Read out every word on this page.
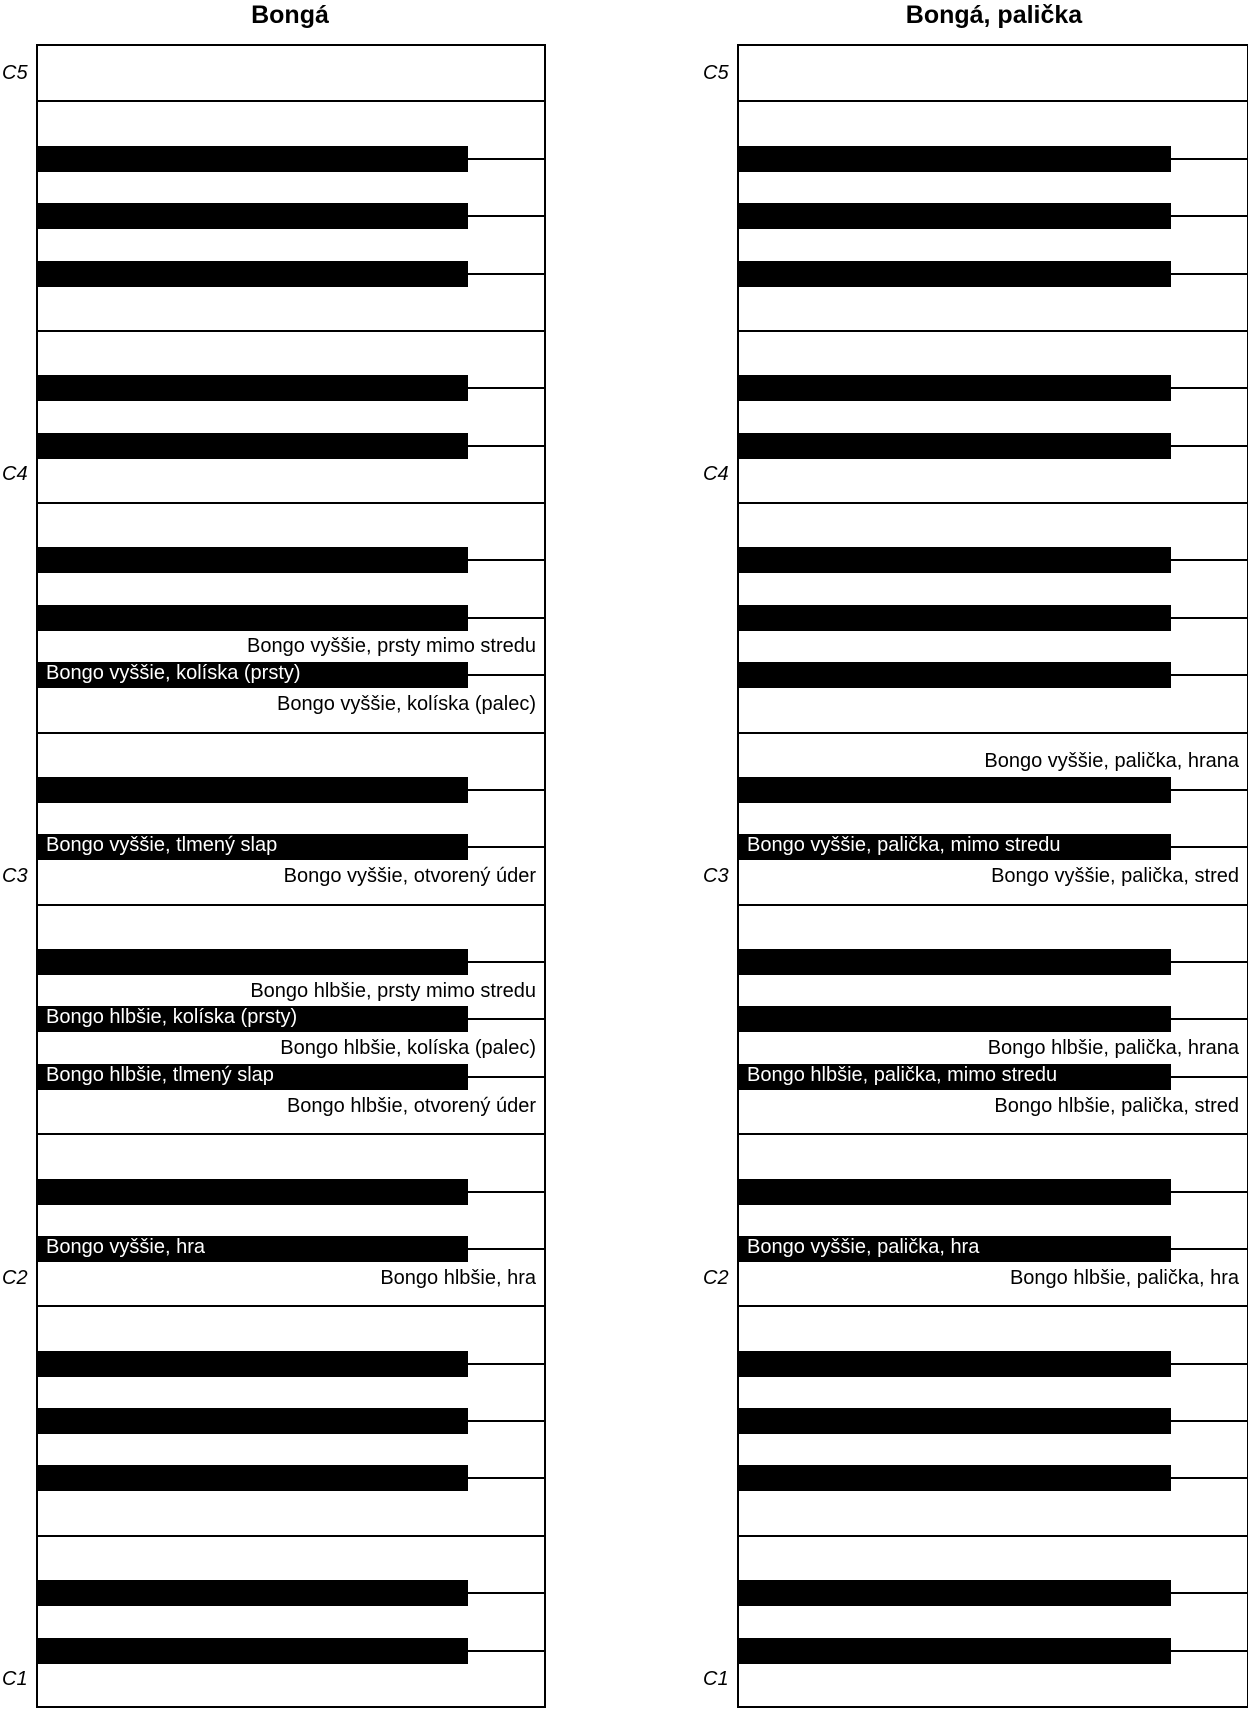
Bongá
C5
C4
C3
C2
C1
Bongo vyššie, prsty mimo stredu
Bongo vyššie, kolíska (prsty)
Bongo vyššie, kolíska (palec)
Bongo vyššie, tlmený slap
Bongo vyššie, otvorený úder
Bongo hlbšie, prsty mimo stredu
Bongo hlbšie, kolíska (prsty)
Bongo hlbšie, kolíska (palec)
Bongo hlbšie, tlmený slap
Bongo hlbšie, otvorený úder
Bongo vyššie, hra
Bongo hlbšie, hra
Bongá, palička
C5
C4
C3
C2
C1
Bongo vyššie, palička, hrana
Bongo vyššie, palička, mimo stredu
Bongo vyššie, palička, stred
Bongo hlbšie, palička, hrana
Bongo hlbšie, palička, mimo stredu
Bongo hlbšie, palička, stred
Bongo vyššie, palička, hra
Bongo hlbšie, palička, hra
